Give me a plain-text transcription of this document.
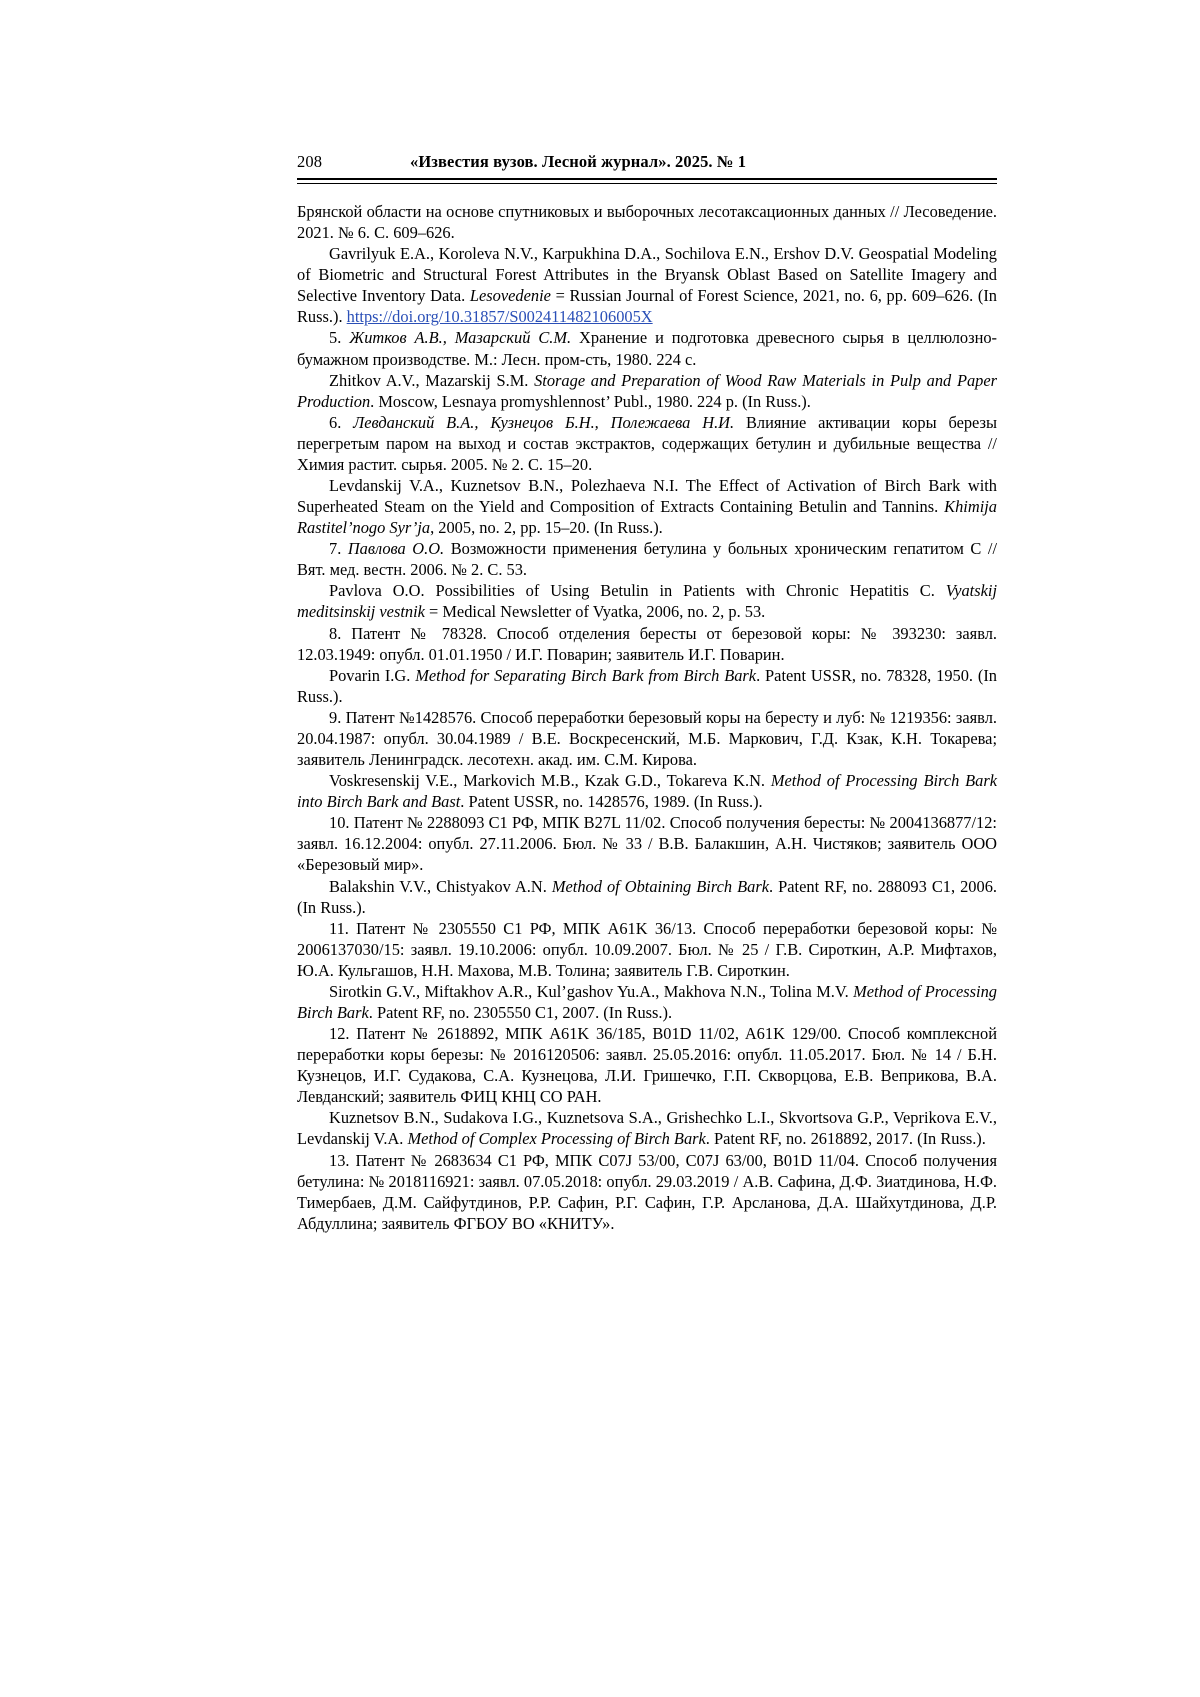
208	«Известия вузов. Лесной журнал». 2025. № 1

Брянской области на основе спутниковых и выборочных лесотаксационных данных // Лесоведение. 2021. № 6. С. 609–626.

Gavrilyuk E.A., Koroleva N.V., Karpukhina D.A., Sochilova E.N., Ershov D.V. Geospatial Modeling of Biometric and Structural Forest Attributes in the Bryansk Oblast Based on Satellite Imagery and Selective Inventory Data. Lesovedenie = Russian Journal of Forest Science, 2021, no. 6, pp. 609–626. (In Russ.). https://doi.org/10.31857/S002411482106005X

5. Житков А.В., Мазарский С.М. Хранение и подготовка древесного сырья в целлюлозно-бумажном производстве. М.: Лесн. пром-сть, 1980. 224 с.

Zhitkov A.V., Mazarskij S.M. Storage and Preparation of Wood Raw Materials in Pulp and Paper Production. Moscow, Lesnaya promyshlennost’ Publ., 1980. 224 p. (In Russ.).

6. Левданский В.А., Кузнецов Б.Н., Полежаева Н.И. Влияние активации коры березы перегретым паром на выход и состав экстрактов, содержащих бетулин и дубильные вещества // Химия растит. сырья. 2005. № 2. С. 15–20.

Levdanskij V.A., Kuznetsov B.N., Polezhaeva N.I. The Effect of Activation of Birch Bark with Superheated Steam on the Yield and Composition of Extracts Containing Betulin and Tannins. Khimija Rastitel’nogo Syr’ja, 2005, no. 2, pp. 15–20. (In Russ.).

7. Павлова О.О. Возможности применения бетулина у больных хроническим гепатитом С // Вят. мед. вестн. 2006. № 2. С. 53.

Pavlova O.O. Possibilities of Using Betulin in Patients with Chronic Hepatitis C. Vyatskij meditsinskij vestnik = Medical Newsletter of Vyatka, 2006, no. 2, p. 53.

8. Патент № 78328. Способ отделения бересты от березовой коры: № 393230: заявл. 12.03.1949: опубл. 01.01.1950 / И.Г. Поварин; заявитель И.Г. Поварин.

Povarin I.G. Method for Separating Birch Bark from Birch Bark. Patent USSR, no. 78328, 1950. (In Russ.).

9. Патент №1428576. Способ переработки березовый коры на бересту и луб: № 1219356: заявл. 20.04.1987: опубл. 30.04.1989 / В.Е. Воскресенский, М.Б. Маркович, Г.Д. Кзак, К.Н. Токарева; заявитель Ленинградск. лесотехн. акад. им. С.М. Кирова.

Voskresenskij V.E., Markovich M.B., Kzak G.D., Tokareva K.N. Method of Processing Birch Bark into Birch Bark and Bast. Patent USSR, no. 1428576, 1989. (In Russ.).

10. Патент № 2288093 С1 РФ, МПК B27L 11/02. Способ получения бересты: № 2004136877/12: заявл. 16.12.2004: опубл. 27.11.2006. Бюл. № 33 / В.В. Балакшин, А.Н. Чистяков; заявитель ООО «Березовый мир».

Balakshin V.V., Chistyakov A.N. Method of Obtaining Birch Bark. Patent RF, no. 288093 C1, 2006. (In Russ.).

11. Патент № 2305550 С1 РФ, МПК A61K 36/13. Способ переработки березовой коры: № 2006137030/15: заявл. 19.10.2006: опубл. 10.09.2007. Бюл. № 25 / Г.В. Сироткин, А.Р. Мифтахов, Ю.А. Кульгашов, Н.Н. Махова, М.В. Толина; заявитель Г.В. Сироткин.

Sirotkin G.V., Miftakhov A.R., Kul’gashov Yu.A., Makhova N.N., Tolina M.V. Method of Processing Birch Bark. Patent RF, no. 2305550 C1, 2007. (In Russ.).

12. Патент № 2618892, МПК A61K 36/185, B01D 11/02, A61K 129/00. Способ комплексной переработки коры березы: № 2016120506: заявл. 25.05.2016: опубл. 11.05.2017. Бюл. № 14 / Б.Н. Кузнецов, И.Г. Судакова, С.А. Кузнецова, Л.И. Гришечко, Г.П. Скворцова, Е.В. Веприкова, В.А. Левданский; заявитель ФИЦ КНЦ СО РАН.

Kuznetsov B.N., Sudakova I.G., Kuznetsova S.A., Grishechko L.I., Skvortsova G.P., Veprikova E.V., Levdanskij V.A. Method of Complex Processing of Birch Bark. Patent RF, no. 2618892, 2017. (In Russ.).

13. Патент № 2683634 С1 РФ, МПК C07J 53/00, C07J 63/00, B01D 11/04. Способ получения бетулина: № 2018116921: заявл. 07.05.2018: опубл. 29.03.2019 / А.В. Сафина, Д.Ф. Зиатдинова, Н.Ф. Тимербаев, Д.М. Сайфутдинов, Р.Р. Сафин, Р.Г. Сафин, Г.Р. Арсланова, Д.А. Шайхутдинова, Д.Р. Абдуллина; заявитель ФГБОУ ВО «КНИТУ».
